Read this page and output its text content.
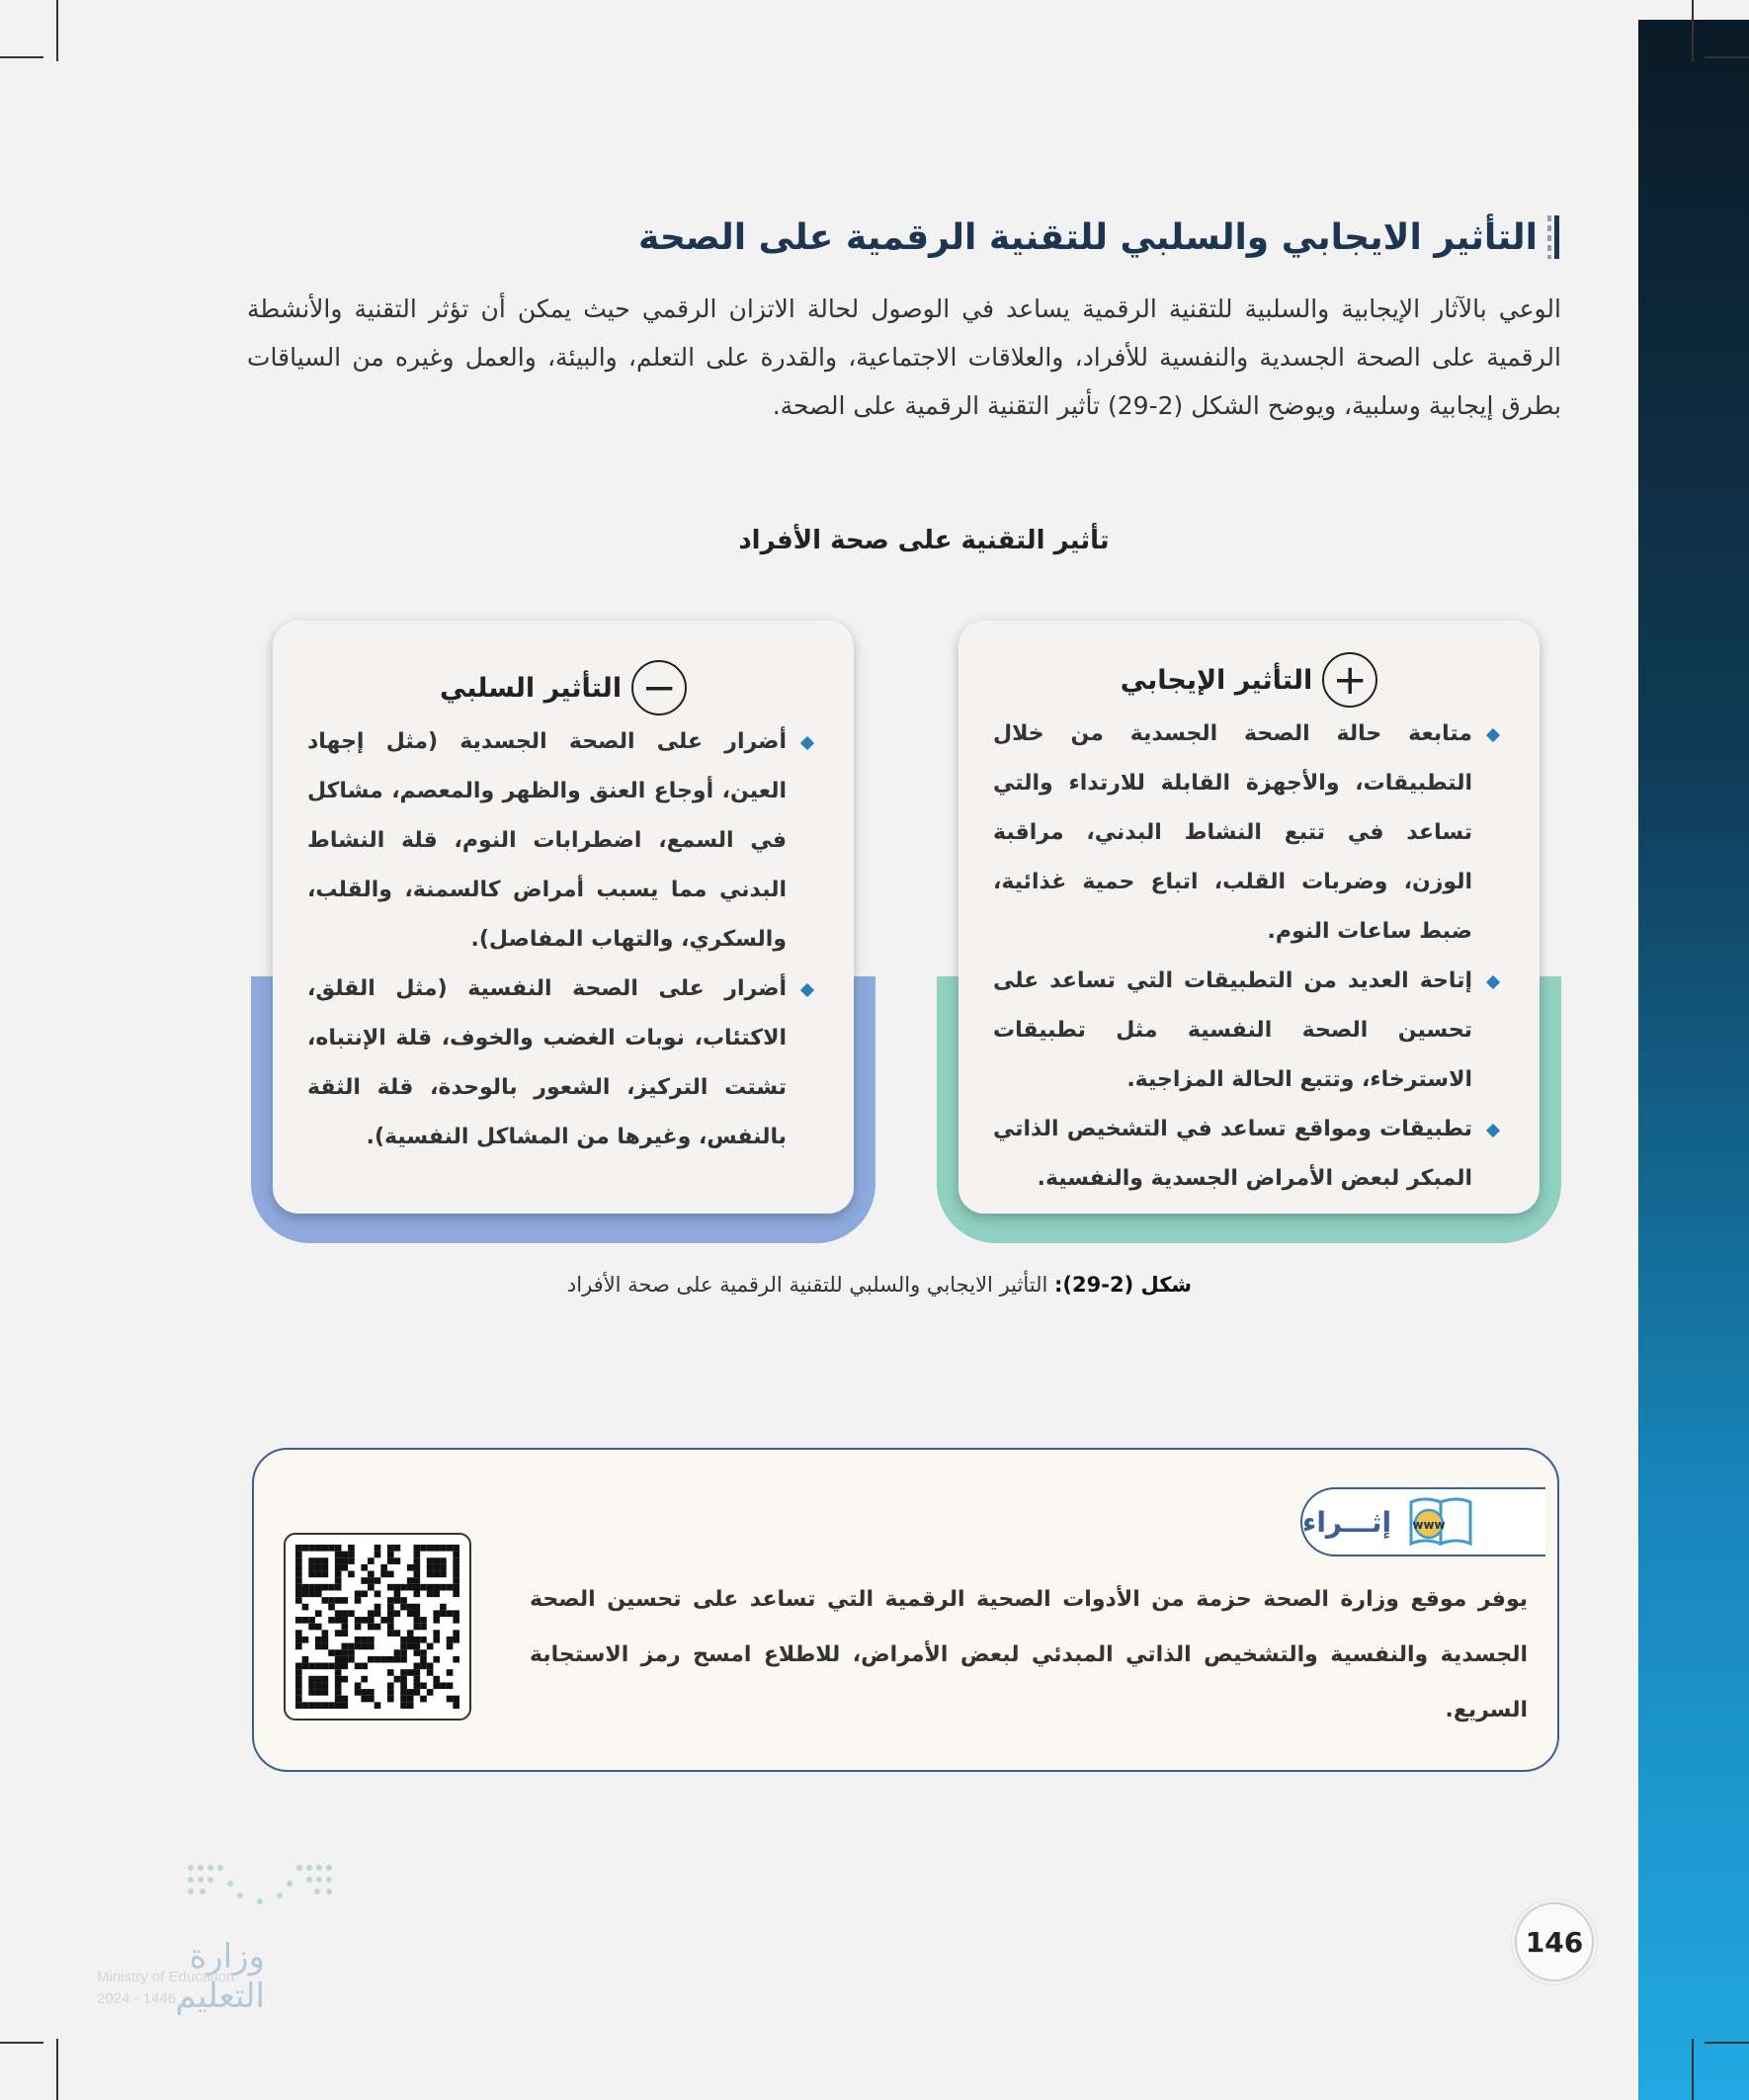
التأثير الايجابي والسلبي للتقنية الرقمية على الصحة

الوعي بالآثار الإيجابية والسلبية للتقنية الرقمية يساعد في الوصول لحالة الاتزان الرقمي حيث يمكن أن تؤثر التقنية والأنشطة الرقمية على الصحة الجسدية والنفسية للأفراد، والعلاقات الاجتماعية، والقدرة على التعلم، والبيئة، والعمل وغيره من السياقات بطرق إيجابية وسلبية، ويوضح الشكل (2-29) تأثير التقنية الرقمية على الصحة.

تأثير التقنية على صحة الأفراد
+
التأثير الإيجابي
متابعة حالة الصحة الجسدية من خلال التطبيقات، والأجهزة القابلة للارتداء والتي تساعد في تتبع النشاط البدني، مراقبة الوزن، وضربات القلب، اتباع حمية غذائية، ضبط ساعات النوم.
إتاحة العديد من التطبيقات التي تساعد على تحسين الصحة النفسية مثل تطبيقات الاسترخاء، وتتبع الحالة المزاجية.
تطبيقات ومواقع تساعد في التشخيص الذاتي المبكر لبعض الأمراض الجسدية والنفسية.
−
التأثير السلبي
أضرار على الصحة الجسدية (مثل إجهاد العين، أوجاع العنق والظهر والمعصم، مشاكل في السمع، اضطرابات النوم، قلة النشاط البدني مما يسبب أمراض كالسمنة، والقلب، والسكري، والتهاب المفاصل).
أضرار على الصحة النفسية (مثل القلق، الاكتئاب، نوبات الغضب والخوف، قلة الإنتباه، تشتت التركيز، الشعور بالوحدة، قلة الثقة بالنفس، وغيرها من المشاكل النفسية).
شكل (2-29): التأثير الايجابي والسلبي للتقنية الرقمية على صحة الأفراد
www
إثـــراء

يوفر موقع وزارة الصحة حزمة من الأدوات الصحية الرقمية التي تساعد على تحسين الصحة الجسدية والنفسية والتشخيص الذاتي المبدئي لبعض الأمراض، للاطلاع امسح رمز الاستجابة السريع.

146
وزارة التعليم
Ministry of Education
2024 - 1446
